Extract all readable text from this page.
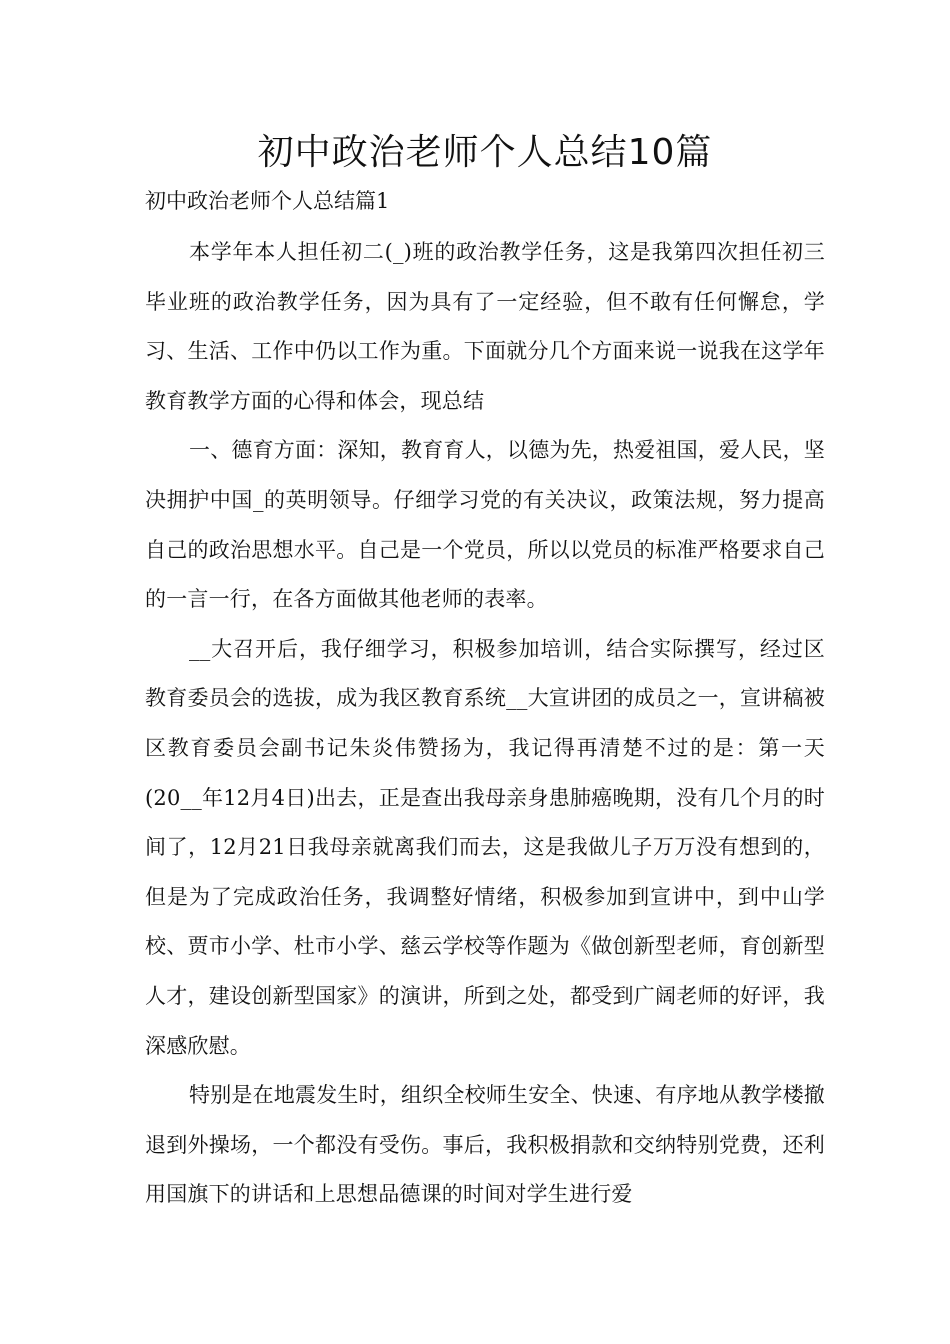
初中政治老师个人总结10篇
初中政治老师个人总结篇1

本学年本人担任初二(_)班的政治教学任务，这是我第四次担任初三毕业班的政治教学任务，因为具有了一定经验，但不敢有任何懈怠，学习、生活、工作中仍以工作为重。下面就分几个方面来说一说我在这学年教育教学方面的心得和体会，现总结

一、德育方面：深知，教育育人，以德为先，热爱祖国，爱人民，坚决拥护中国_的英明领导。仔细学习党的有关决议，政策法规，努力提高自己的政治思想水平。自己是一个党员，所以以党员的标准严格要求自己的一言一行，在各方面做其他老师的表率。

__大召开后，我仔细学习，积极参加培训，结合实际撰写，经过区教育委员会的选拔，成为我区教育系统__大宣讲团的成员之一，宣讲稿被区教育委员会副书记朱炎伟赞扬为，我记得再清楚不过的是：第一天(20__年12月4日)出去，正是查出我母亲身患肺癌晚期，没有几个月的时间了，12月21日我母亲就离我们而去，这是我做儿子万万没有想到的，但是为了完成政治任务，我调整好情绪，积极参加到宣讲中，到中山学校、贾市小学、杜市小学、慈云学校等作题为《做创新型老师，育创新型人才，建设创新型国家》的演讲，所到之处，都受到广阔老师的好评，我深感欣慰。

特别是在地震发生时，组织全校师生安全、快速、有序地从教学楼撤退到外操场，一个都没有受伤。事后，我积极捐款和交纳特别党费，还利用国旗下的讲话和上思想品德课的时间对学生进行爱
